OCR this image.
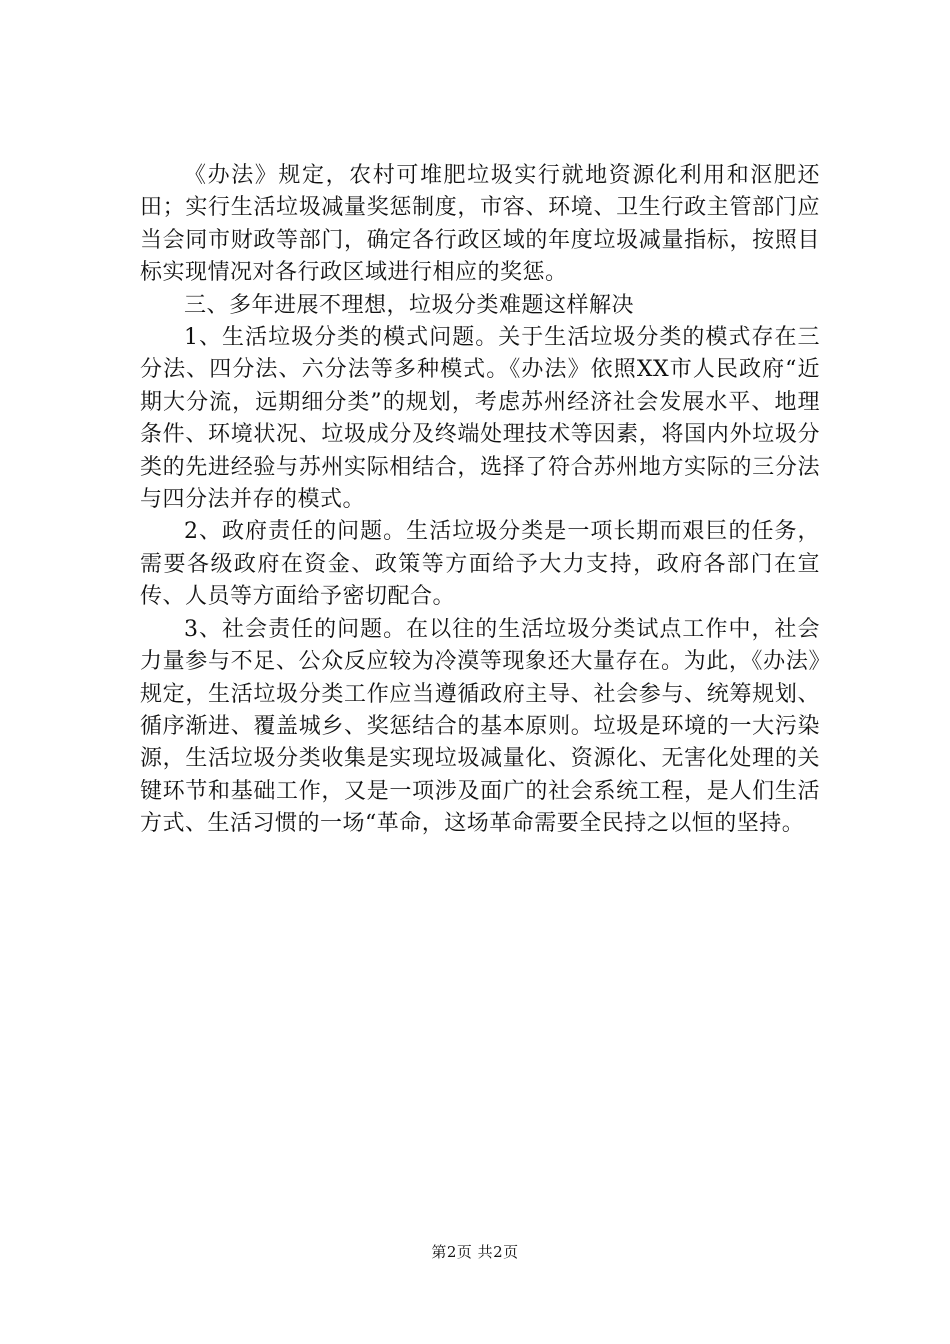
《办法》规定，农村可堆肥垃圾实行就地资源化利用和沤肥还田；实行生活垃圾减量奖惩制度，市容、环境、卫生行政主管部门应当会同市财政等部门，确定各行政区域的年度垃圾减量指标，按照目标实现情况对各行政区域进行相应的奖惩。

三、多年进展不理想，垃圾分类难题这样解决

1、生活垃圾分类的模式问题。关于生活垃圾分类的模式存在三分法、四分法、六分法等多种模式。《办法》依照XX市人民政府“近期大分流，远期细分类”的规划，考虑苏州经济社会发展水平、地理条件、环境状况、垃圾成分及终端处理技术等因素，将国内外垃圾分类的先进经验与苏州实际相结合，选择了符合苏州地方实际的三分法与四分法并存的模式。

2、政府责任的问题。生活垃圾分类是一项长期而艰巨的任务，需要各级政府在资金、政策等方面给予大力支持，政府各部门在宣传、人员等方面给予密切配合。

3、社会责任的问题。在以往的生活垃圾分类试点工作中，社会力量参与不足、公众反应较为冷漠等现象还大量存在。为此，《办法》规定，生活垃圾分类工作应当遵循政府主导、社会参与、统筹规划、循序渐进、覆盖城乡、奖惩结合的基本原则。垃圾是环境的一大污染源，生活垃圾分类收集是实现垃圾减量化、资源化、无害化处理的关键环节和基础工作，又是一项涉及面广的社会系统工程，是人们生活方式、生活习惯的一场“革命，这场革命需要全民持之以恒的坚持。

第2页 共2页
